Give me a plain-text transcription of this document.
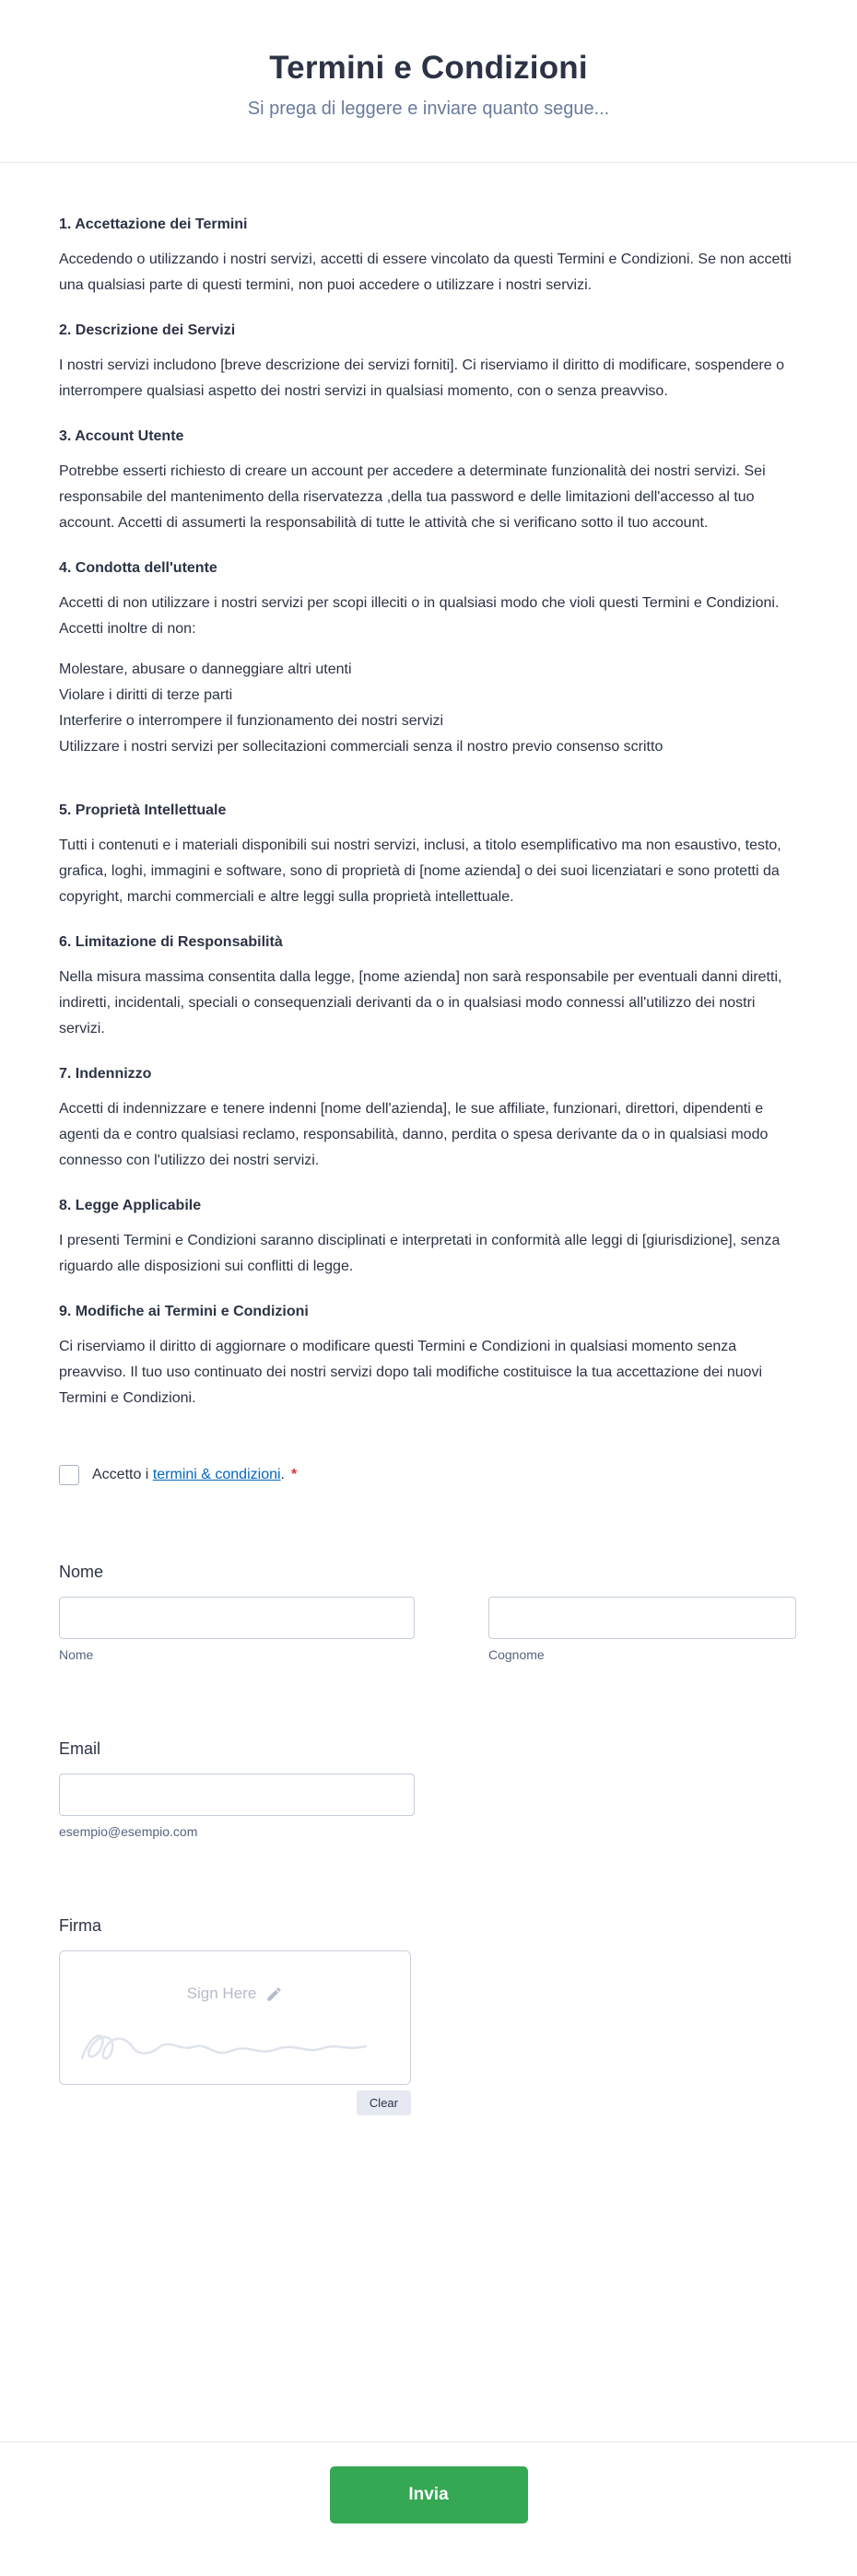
Termini e Condizioni

Si prega di leggere e inviare quanto segue...

1. Accettazione dei Termini

Accedendo o utilizzando i nostri servizi, accetti di essere vincolato da questi Termini e Condizioni. Se non accetti una qualsiasi parte di questi termini, non puoi accedere o utilizzare i nostri servizi.

2. Descrizione dei Servizi

I nostri servizi includono [breve descrizione dei servizi forniti]. Ci riserviamo il diritto di modificare, sospendere o interrompere qualsiasi aspetto dei nostri servizi in qualsiasi momento, con o senza preavviso.

3. Account Utente

Potrebbe esserti richiesto di creare un account per accedere a determinate funzionalità dei nostri servizi. Sei responsabile del mantenimento della riservatezza ,della tua password e delle limitazioni dell'accesso al tuo account. Accetti di assumerti la responsabilità di tutte le attività che si verificano sotto il tuo account.

4. Condotta dell'utente

Accetti di non utilizzare i nostri servizi per scopi illeciti o in qualsiasi modo che violi questi Termini e Condizioni. Accetti inoltre di non:

Molestare, abusare o danneggiare altri utenti
Violare i diritti di terze parti
Interferire o interrompere il funzionamento dei nostri servizi
Utilizzare i nostri servizi per sollecitazioni commerciali senza il nostro previo consenso scritto
5. Proprietà Intellettuale

Tutti i contenuti e i materiali disponibili sui nostri servizi, inclusi, a titolo esemplificativo ma non esaustivo, testo, grafica, loghi, immagini e software, sono di proprietà di [nome azienda] o dei suoi licenziatari e sono protetti da copyright, marchi commerciali e altre leggi sulla proprietà intellettuale.

6. Limitazione di Responsabilità

Nella misura massima consentita dalla legge, [nome azienda] non sarà responsabile per eventuali danni diretti, indiretti, incidentali, speciali o consequenziali derivanti da o in qualsiasi modo connessi all'utilizzo dei nostri servizi.

7. Indennizzo

Accetti di indennizzare e tenere indenni [nome dell'azienda], le sue affiliate, funzionari, direttori, dipendenti e agenti da e contro qualsiasi reclamo, responsabilità, danno, perdita o spesa derivante da o in qualsiasi modo connesso con l'utilizzo dei nostri servizi.

8. Legge Applicabile

I presenti Termini e Condizioni saranno disciplinati e interpretati in conformità alle leggi di [giurisdizione], senza riguardo alle disposizioni sui conflitti di legge.

9. Modifiche ai Termini e Condizioni

Ci riserviamo il diritto di aggiornare o modificare questi Termini e Condizioni in qualsiasi momento senza preavviso. Il tuo uso continuato dei nostri servizi dopo tali modifiche costituisce la tua accettazione dei nuovi Termini e Condizioni.

Accetto i termini & condizioni. *
Nome
Nome	Cognome
Email
esempio@esempio.com
Firma
Sign Here
Clear
Invia
